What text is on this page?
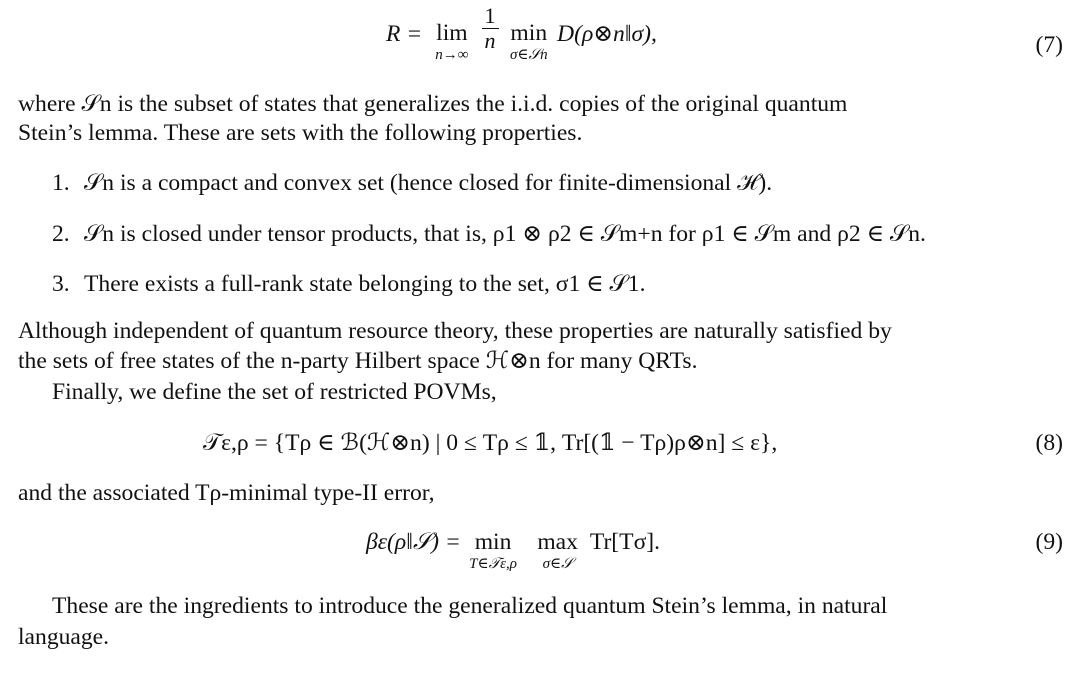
R = lim
n→∞

$\frac{1}{n}$ min
σ∈𝒮n
D(ρ⊗n‖σ),	(7)
where 𝒮n is the subset of states that generalizes the i.i.d. copies of the original quantum
Stein’s lemma. These are sets with the following properties.
1. 𝒮n is a compact and convex set (hence closed for finite-dimensional ℋ).
2. 𝒮n is closed under tensor products, that is, ρ1 ⊗ ρ2 ∈ 𝒮m+n for ρ1 ∈ 𝒮m and ρ2 ∈ 𝒮n.
3. There exists a full-rank state belonging to the set, σ1 ∈ 𝒮1.
Although independent of quantum resource theory, these properties are naturally satisfied by
the sets of free states of the n-party Hilbert space ℋ⊗n for many QRTs.
Finally, we define the set of restricted POVMs,
𝒯ε,ρ = {Tρ ∈ ℬ(ℋ⊗n) | 0 ≤ Tρ ≤ 𝟙, Tr[(𝟙 − Tρ)ρ⊗n] ≤ ε},	(8)
and the associated Tρ-minimal type-II error,
βε(ρ‖𝒮) = min
T∈𝒯ε,ρ
max
σ∈𝒮
Tr[Tσ].	(9)
These are the ingredients to introduce the generalized quantum Stein’s lemma, in natural
language.
